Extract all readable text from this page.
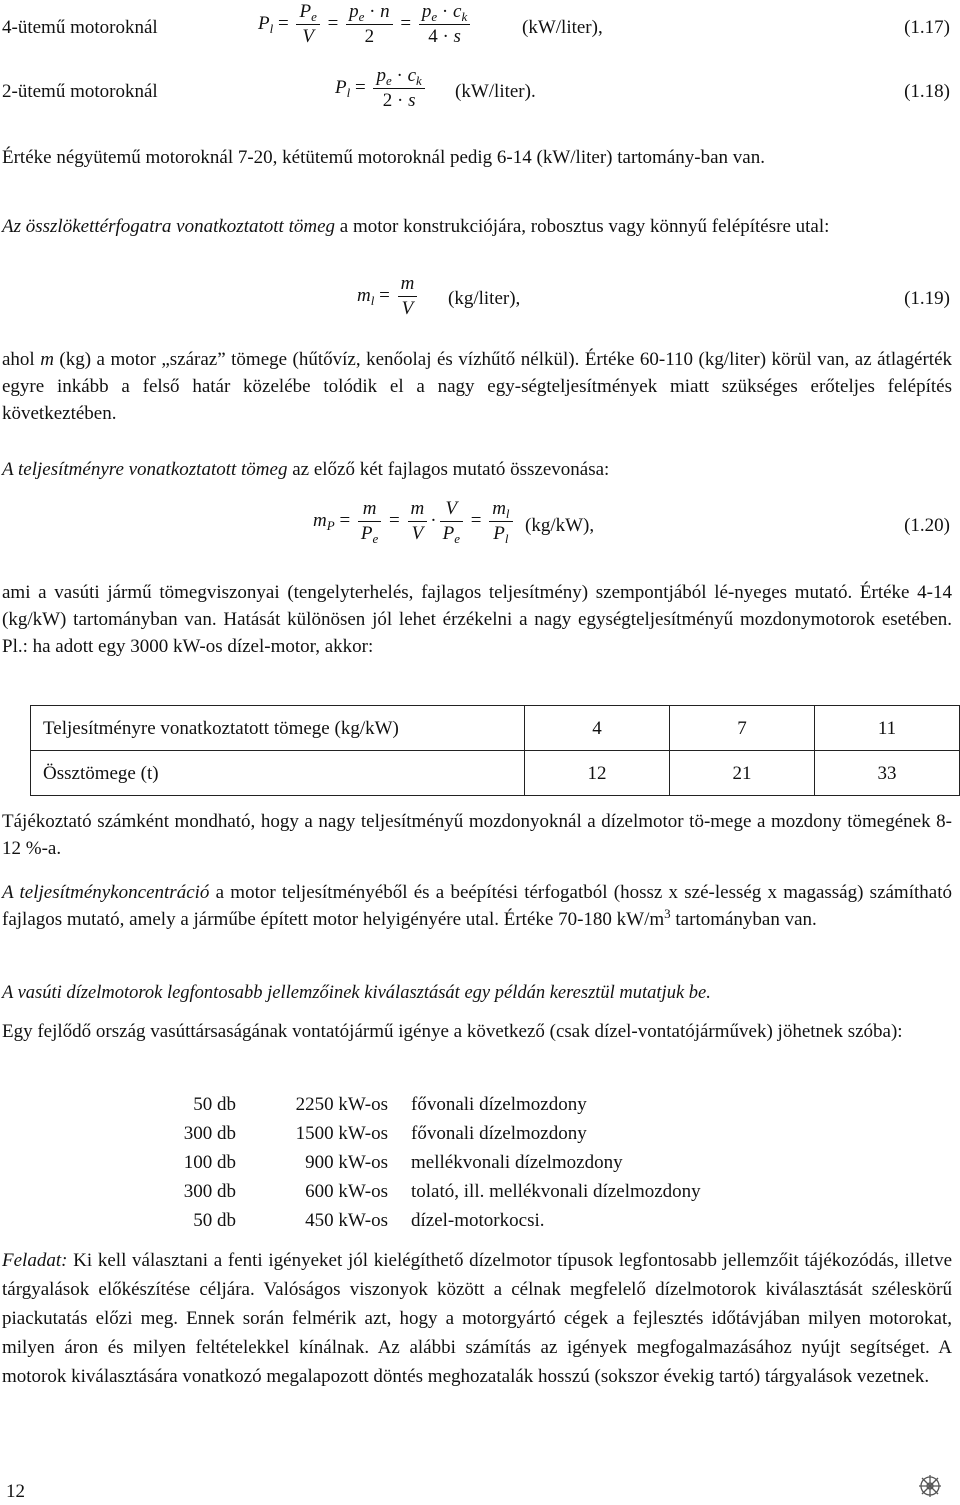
4-ütemű motoroknál	$P_l = \frac{P_e}{V} = \frac{p_e \cdot n}{2} = \frac{p_e \cdot c_k}{4 \cdot s}$	(kW/liter),	(1.17)
2-ütemű motoroknál	$P_l = \frac{p_e \cdot c_k}{2 \cdot s}$ (kW/liter).	(1.18)
Értéke négyütemű motoroknál 7-20, kétütemű motoroknál pedig 6-14 (kW/liter) tartomány-ban van.
Az összlökettérfogatra vonatkoztatott tömeg a motor konstrukciójára, robosztus vagy könnyű felépítésre utal:
$m_l = \frac{m}{V}$ (kg/liter),	(1.19)
ahol m (kg) a motor „száraz” tömege (hűtővíz, kenőolaj és vízhűtő nélkül). Értéke 60-110 (kg/liter) körül van, az átlagérték egyre inkább a felső határ közelébe tolódik el a nagy egy-ségteljesítmények miatt szükséges erőteljes felépítés következtében.
A teljesítményre vonatkoztatott tömeg az előző két fajlagos mutató összevonása:
$m_P = \frac{m}{P_e} = \frac{m}{V} \cdot \frac{V}{P_e} = \frac{m_l}{P_l} (kg/kW)$,	(1.20)
ami a vasúti jármű tömegviszonyai (tengelyterhelés, fajlagos teljesítmény) szempontjából lé-nyeges mutató. Értéke 4-14 (kg/kW) tartományban van. Hatását különösen jól lehet érzékelni a nagy egységteljesítményű mozdonymotorok esetében. Pl.: ha adott egy 3000 kW-os dízel-motor, akkor:
Teljesítményre vonatkoztatott tömege (kg/kW)	4	7	11
Össztömege (t)	12	21	33
Tájékoztató számként mondható, hogy a nagy teljesítményű mozdonyoknál a dízelmotor tö-mege a mozdony tömegének 8-12 %-a.
A teljesítménykoncentráció a motor teljesítményéből és a beépítési térfogatból (hossz x szé-lesség x magasság) számítható fajlagos mutató, amely a járműbe épített motor helyigényére utal. Értéke 70-180 $kW/m^3$ tartományban van.
A vasúti dízelmotorok legfontosabb jellemzőinek kiválasztását egy példán keresztül mutatjuk be.
Egy fejlődő ország vasúttársaságának vontatójármű igénye a következő (csak dízel-vontatójárművek) jöhetnek szóba):
50 db	2250 kW-os fővonali dízelmozdony
300 db	1500 kW-os fővonali dízelmozdony
100 db	900 kW-os mellékvonali dízelmozdony
300 db	600 kW-os tolató, ill. mellékvonali dízelmozdony
50 db	450 kW-os dízel-motorkocsi.
Feladat: Ki kell választani a fenti igényeket jól kielégíthető dízelmotor típusok legfontosabb jellemzőit tájékozódás, illetve tárgyalások előkészítése céljára. Valóságos viszonyok között a célnak megfelelő dízelmotorok kiválasztását széleskörű piackutatás előzi meg. Ennek során felmérik azt, hogy a motorgyártó cégek a fejlesztés időtávjában milyen motorokat, milyen áron és milyen feltételekkel kínálnak. Az alábbi számítás az igények megfogalmazásához nyújt segítséget. A motorok kiválasztására vonatkozó megalapozott döntés meghozatalák hosszú (sokszor évekig tartó) tárgyalások vezetnek.
12
